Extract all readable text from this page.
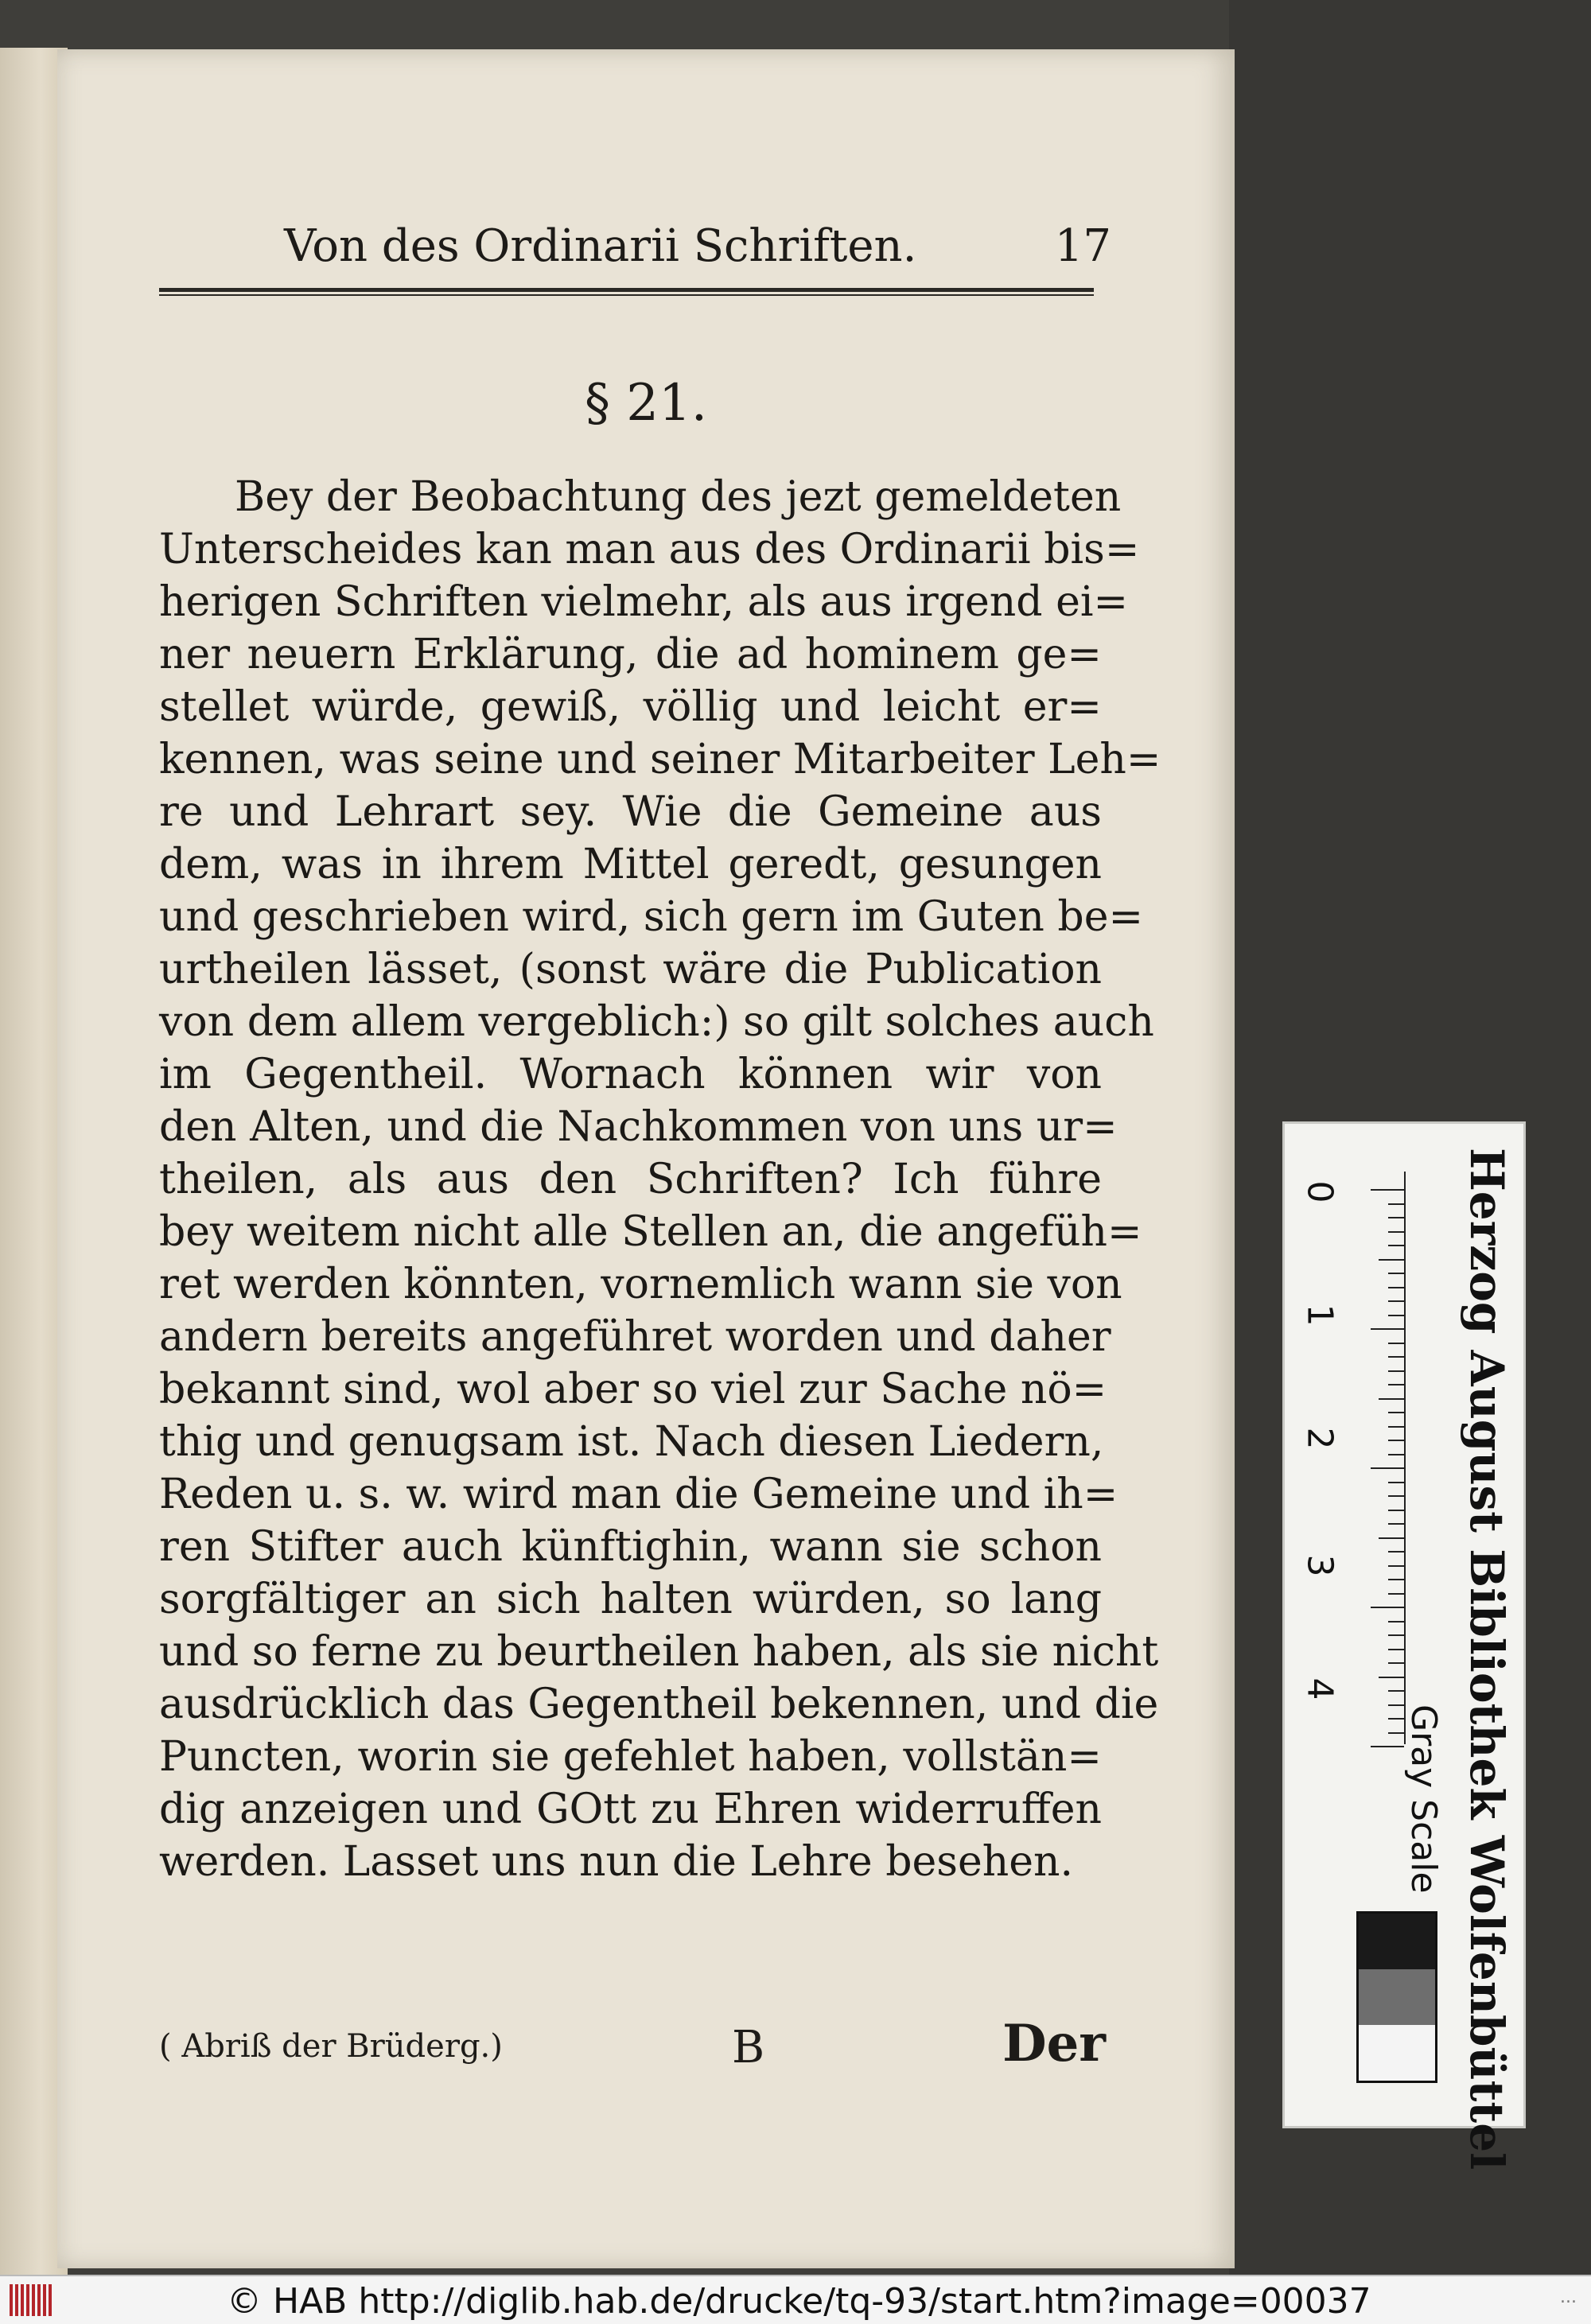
Von des Ordinarii Schriften.	17
§ 21.
Bey der Beobachtung des jezt gemeldeten
Unterscheides kan man aus des Ordinarii bis=
herigen Schriften vielmehr, als aus irgend ei=
ner neuern Erklärung, die ad hominem ge=
stellet würde, gewiß, völlig und leicht er=
kennen, was seine und seiner Mitarbeiter Leh=
re und Lehrart sey. Wie die Gemeine aus
dem, was in ihrem Mittel geredt, gesungen
und geschrieben wird, sich gern im Guten be=
urtheilen lässet, (sonst wäre die Publication
von dem allem vergeblich:) so gilt solches auch
im Gegentheil. Wornach können wir von
den Alten, und die Nachkommen von uns ur=
theilen, als aus den Schriften? Ich führe
bey weitem nicht alle Stellen an, die angefüh=
ret werden könnten, vornemlich wann sie von
andern bereits angeführet worden und daher
bekannt sind, wol aber so viel zur Sache nö=
thig und genugsam ist. Nach diesen Liedern,
Reden u. s. w. wird man die Gemeine und ih=
ren Stifter auch künftighin, wann sie schon
sorgfältiger an sich halten würden, so lang
und so ferne zu beurtheilen haben, als sie nicht
ausdrücklich das Gegentheil bekennen, und die
Puncten, worin sie gefehlet haben, vollstän=
dig anzeigen und GOtt zu Ehren widerruffen
werden. Lasset uns nun die Lehre besehen.
( Abriß der Brüderg.)	B	Der
0
1
2
3
4
Gray Scale Herzog August Bibliothek Wolfenbüttel
© HAB http://diglib.hab.de/drucke/tq-93/start.htm?image=00037	...
